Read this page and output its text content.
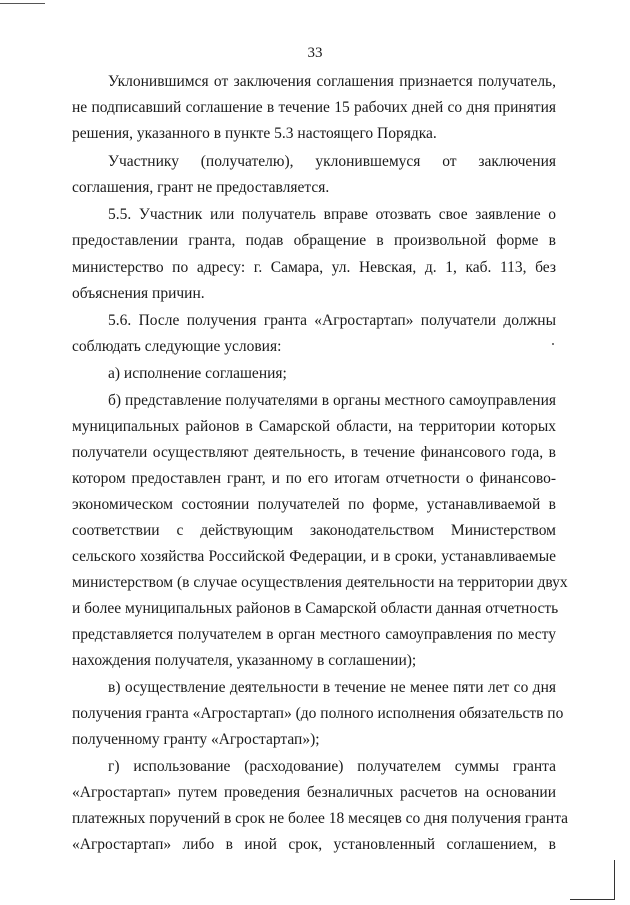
33
Уклонившимся от заключения соглашения признается получатель,
не подписавший соглашение в течение 15 рабочих дней со дня принятия
решения, указанного в пункте 5.3 настоящего Порядка.
Участнику (получателю), уклонившемуся от заключения
соглашения, грант не предоставляется.
5.5. Участник или получатель вправе отозвать свое заявление о
предоставлении гранта, подав обращение в произвольной форме в
министерство по адресу: г. Самара, ул. Невская, д. 1, каб. 113, без
объяснения причин.
5.6. После получения гранта «Агростартап» получатели должны
соблюдать следующие условия:
а) исполнение соглашения;
б) представление получателями в органы местного самоуправления
муниципальных районов в Самарской области, на территории которых
получатели осуществляют деятельность, в течение финансового года, в
котором предоставлен грант, и по его итогам отчетности о финансово-
экономическом состоянии получателей по форме, устанавливаемой в
соответствии с действующим законодательством Министерством
сельского хозяйства Российской Федерации, и в сроки, устанавливаемые
министерством (в случае осуществления деятельности на территории двух
и более муниципальных районов в Самарской области данная отчетность
представляется получателем в орган местного самоуправления по месту
нахождения получателя, указанному в соглашении);
в) осуществление деятельности в течение не менее пяти лет со дня
получения гранта «Агростартап» (до полного исполнения обязательств по
полученному гранту «Агростартап»);
г) использование (расходование) получателем суммы гранта
«Агростартап» путем проведения безналичных расчетов на основании
платежных поручений в срок не более 18 месяцев со дня получения гранта
«Агростартап» либо в иной срок, установленный соглашением, в
